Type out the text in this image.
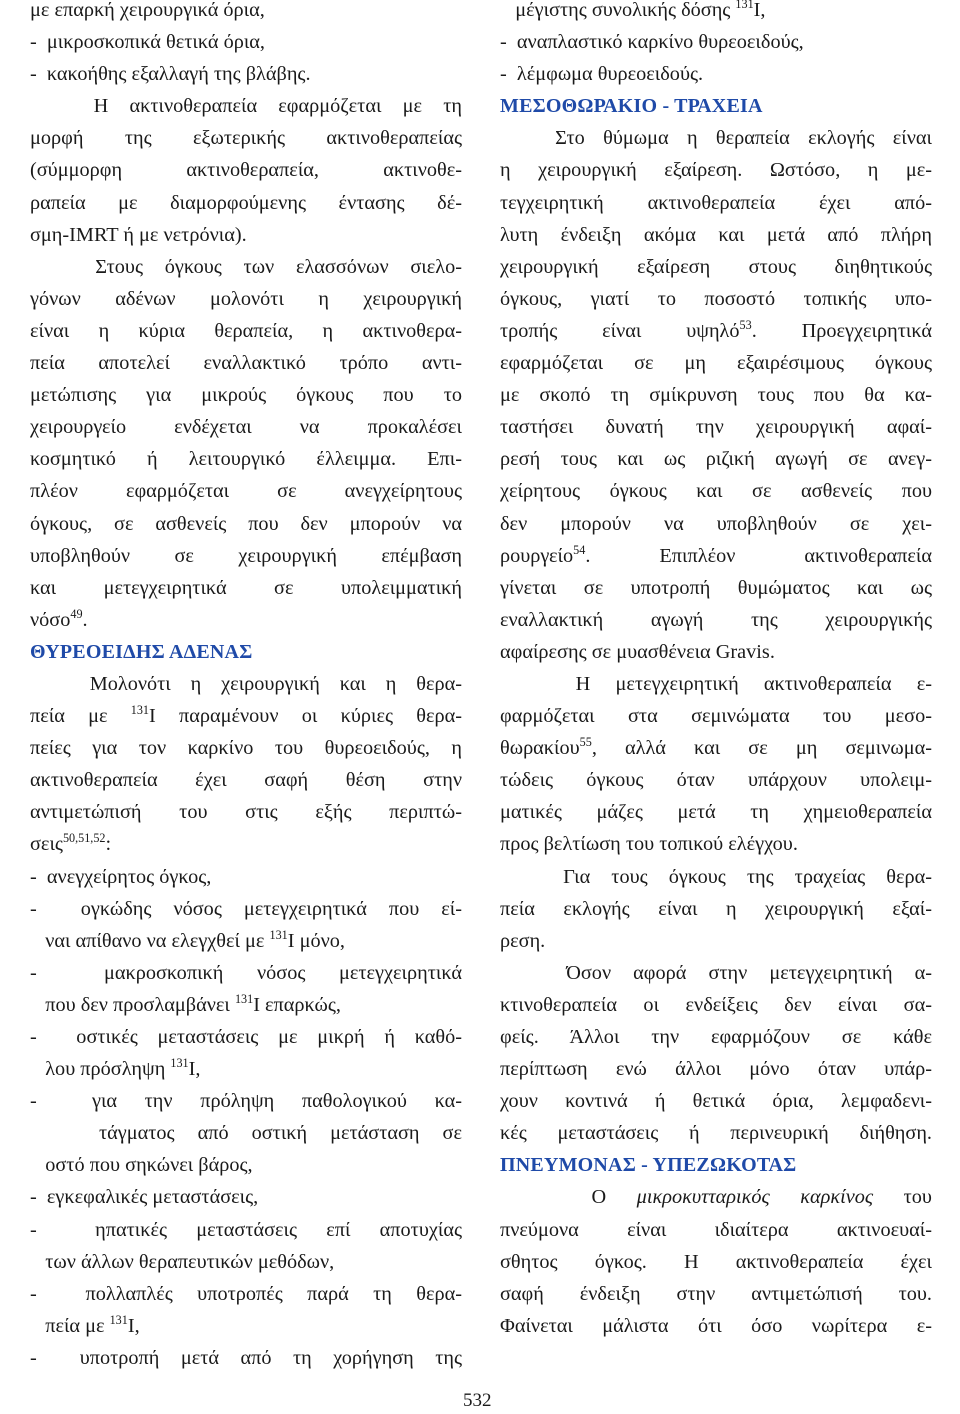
με επαρκή χειρουργικά όρια,
-  μικροσκοπικά θετικά όρια,
-  κακοήθης εξαλλαγή της βλάβης.
Η ακτινοθεραπεία εφαρμόζεται με τη
μορφή της εξωτερικής ακτινοθεραπείας
(σύμμορφη ακτινοθεραπεία, ακτινοθε-
ραπεία με διαμορφούμενης έντασης δέ-
σμη-IMRT ή με νετρόνια).
Στους όγκους των ελασσόνων σιελο-
γόνων αδένων μολονότι η χειρουργική
είναι η κύρια θεραπεία, η ακτινοθερα-
πεία αποτελεί εναλλακτικό τρόπο αντι-
μετώπισης για μικρούς όγκους που το
χειρουργείο ενδέχεται να προκαλέσει
κοσμητικό ή λειτουργικό έλλειμμα. Επι-
πλέον εφαρμόζεται σε ανεγχείρητους
όγκους, σε ασθενείς που δεν μπορούν να
υποβληθούν σε χειρουργική επέμβαση
και μετεγχειρητικά σε υπολειμματική
νόσο$^{49}$.
ΘΥΡΕΟΕΙΔΗΣ ΑΔΕΝΑΣ
Μολονότι η χειρουργική και η θερα-
πεία με $^{131}$I παραμένουν οι κύριες θερα-
πείες για τον καρκίνο του θυρεοειδούς, η
ακτινοθεραπεία έχει σαφή θέση στην
αντιμετώπισή του στις εξής περιπτώ-
σεις$^{50,51,52}$:
-  ανεγχείρητος όγκος,
-  ογκώδης νόσος μετεγχειρητικά που εί-
ναι απίθανο να ελεγχθεί με $^{131}$I μόνο,
-  μακροσκοπική νόσος μετεγχειρητικά
που δεν προσλαμβάνει $^{131}$I επαρκώς,
-  οστικές μεταστάσεις με μικρή ή καθό-
λου πρόσληψη $^{131}$I,
-  για την πρόληψη παθολογικού κα-
τάγματος από οστική μετάσταση σε
οστό που σηκώνει βάρος,
-  εγκεφαλικές μεταστάσεις,
-  ηπατικές μεταστάσεις επί αποτυχίας
των άλλων θεραπευτικών μεθόδων,
-  πολλαπλές υποτροπές παρά τη θερα-
πεία με $^{131}$I,
-  υποτροπή μετά από τη χορήγηση της
μέγιστης συνολικής δόσης $^{131}$I,
-  αναπλαστικό καρκίνο θυρεοειδούς,
-  λέμφωμα θυρεοειδούς.
ΜΕΣΟΘΩΡΑΚΙΟ - ΤΡΑΧΕΙΑ
Στο θύμωμα η θεραπεία εκλογής είναι
η χειρουργική εξαίρεση. Ωστόσο, η με-
τεγχειρητική ακτινοθεραπεία έχει από-
λυτη ένδειξη ακόμα και μετά από πλήρη
χειρουργική εξαίρεση στους διηθητικούς
όγκους, γιατί το ποσοστό τοπικής υπο-
τροπής είναι υψηλό$^{53}$. Προεγχειρητικά
εφαρμόζεται σε μη εξαιρέσιμους όγκους
με σκοπό τη σμίκρυνση τους που θα κα-
ταστήσει δυνατή την χειρουργική αφαί-
ρεσή τους και ως ριζική αγωγή σε ανεγ-
χείρητους όγκους και σε ασθενείς που
δεν μπορούν να υποβληθούν σε χει-
ρουργείο$^{54}$. Επιπλέον ακτινοθεραπεία
γίνεται σε υποτροπή θυμώματος και ως
εναλλακτική αγωγή της χειρουργικής
αφαίρεσης σε μυασθένεια Gravis.
Η μετεγχειρητική ακτινοθεραπεία ε-
φαρμόζεται στα σεμινώματα του μεσο-
θωρακίου$^{55}$, αλλά και σε μη σεμινωμα-
τώδεις όγκους όταν υπάρχουν υπολειμ-
ματικές μάζες μετά τη χημειοθεραπεία
προς βελτίωση του τοπικού ελέγχου.
Για τους όγκους της τραχείας θερα-
πεία εκλογής είναι η χειρουργική εξαί-
ρεση.
Όσον αφορά στην μετεγχειρητική α-
κτινοθεραπεία οι ενδείξεις δεν είναι σα-
φείς. Άλλοι την εφαρμόζουν σε κάθε
περίπτωση ενώ άλλοι μόνο όταν υπάρ-
χουν κοντινά ή θετικά όρια, λεμφαδενι-
κές μεταστάσεις ή περινευρική διήθηση.
ΠΝΕΥΜΟΝΑΣ - ΥΠΕΖΩΚΟΤΑΣ
Ο μικροκυτταρικός καρκίνος του
πνεύμονα είναι ιδιαίτερα ακτινοευαί-
σθητος όγκος. Η ακτινοθεραπεία έχει
σαφή ένδειξη στην αντιμετώπισή του.
Φαίνεται μάλιστα ότι όσο νωρίτερα ε-
532
